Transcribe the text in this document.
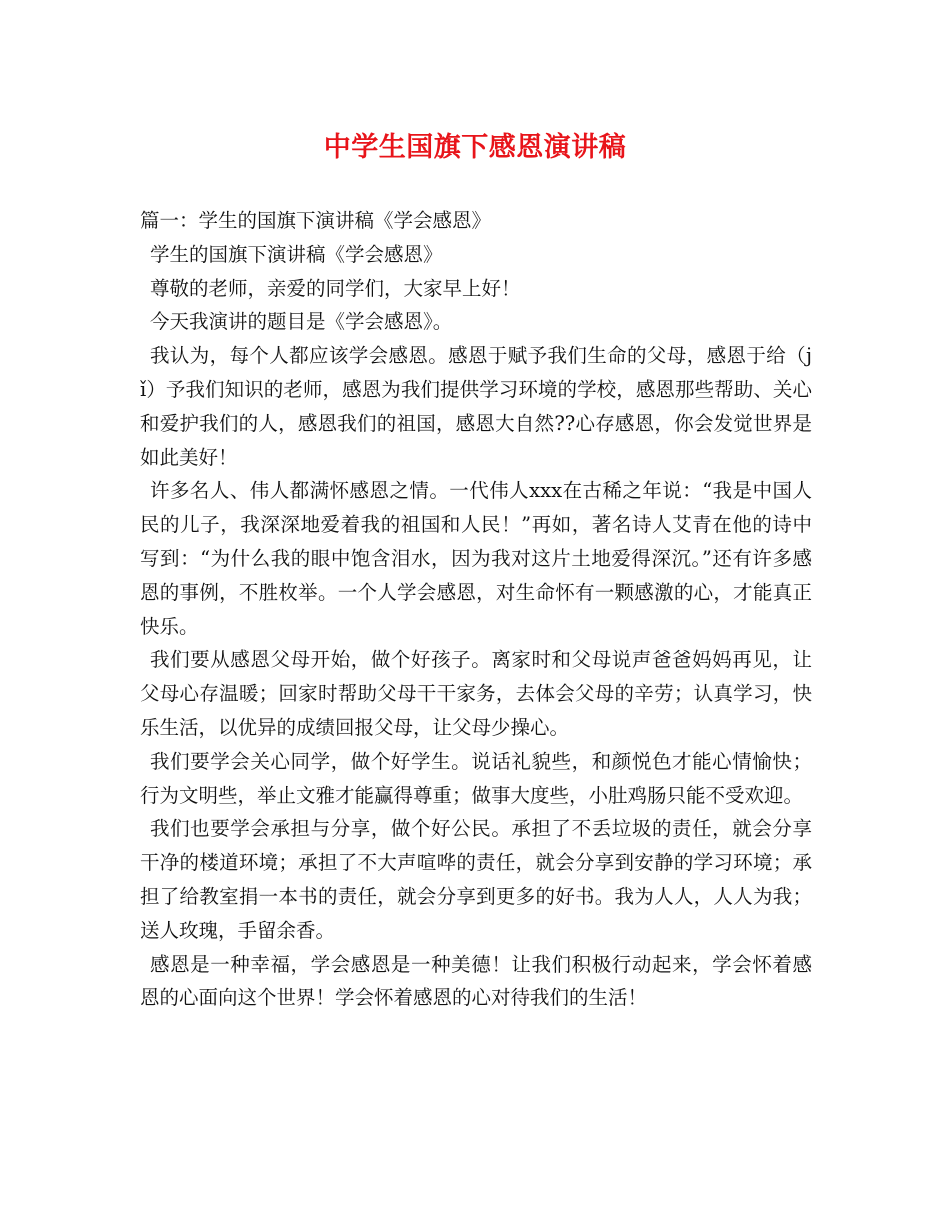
中学生国旗下感恩演讲稿

篇一：学生的国旗下演讲稿《学会感恩》

学生的国旗下演讲稿《学会感恩》

尊敬的老师，亲爱的同学们，大家早上好！

今天我演讲的题目是《学会感恩》。

我认为，每个人都应该学会感恩。感恩于赋予我们生命的父母，感恩于给（jǐ）予我们知识的老师，感恩为我们提供学习环境的学校，感恩那些帮助、关心和爱护我们的人，感恩我们的祖国，感恩大自然??心存感恩，你会发觉世界是如此美好！

许多名人、伟人都满怀感恩之情。一代伟人xxx在古稀之年说：“我是中国人民的儿子，我深深地爱着我的祖国和人民！”再如，著名诗人艾青在他的诗中写到：“为什么我的眼中饱含泪水，因为我对这片土地爱得深沉。”还有许多感恩的事例，不胜枚举。一个人学会感恩，对生命怀有一颗感激的心，才能真正快乐。

我们要从感恩父母开始，做个好孩子。离家时和父母说声爸爸妈妈再见，让父母心存温暖；回家时帮助父母干干家务，去体会父母的辛劳；认真学习，快乐生活，以优异的成绩回报父母，让父母少操心。

我们要学会关心同学，做个好学生。说话礼貌些，和颜悦色才能心情愉快；行为文明些，举止文雅才能赢得尊重；做事大度些，小肚鸡肠只能不受欢迎。

我们也要学会承担与分享，做个好公民。承担了不丢垃圾的责任，就会分享干净的楼道环境；承担了不大声喧哗的责任，就会分享到安静的学习环境；承担了给教室捐一本书的责任，就会分享到更多的好书。我为人人，人人为我；送人玫瑰，手留余香。

感恩是一种幸福，学会感恩是一种美德！让我们积极行动起来，学会怀着感恩的心面向这个世界！学会怀着感恩的心对待我们的生活！
